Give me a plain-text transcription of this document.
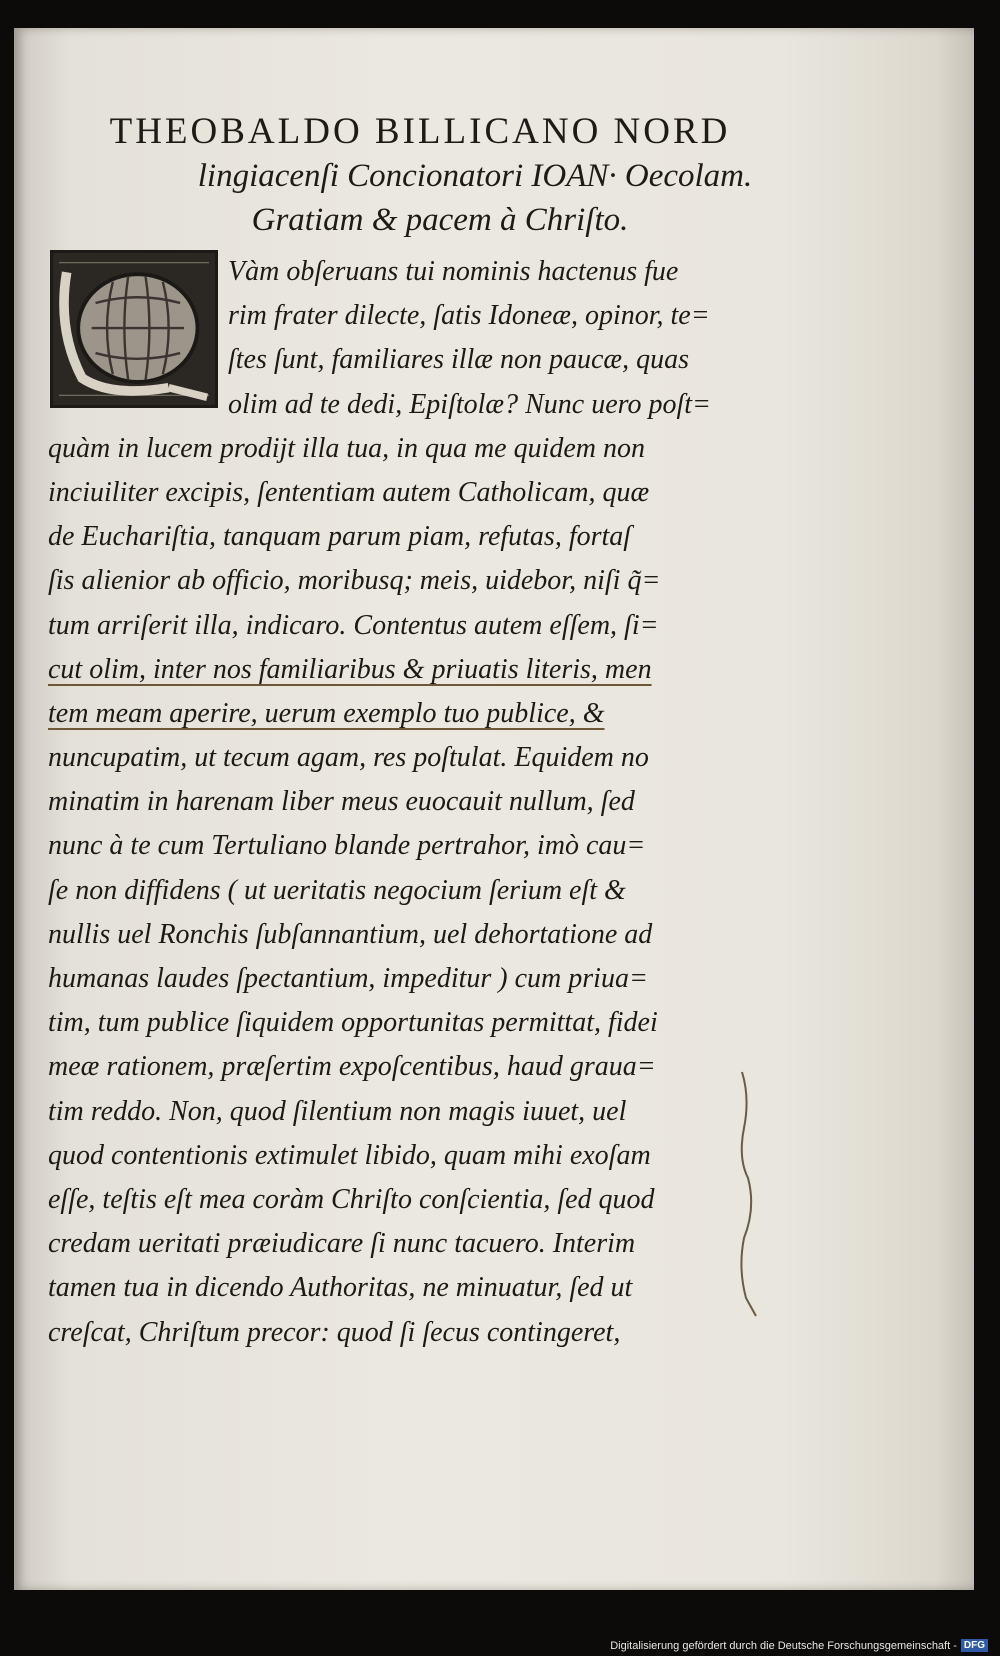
THEOBALDO BILLICANO NORD
lingiacenſi Concionatori IOAN· Oecolam.
Gratiam & pacem à Chriſto.
Vàm obſeruans tui nominis hactenus fue
rim frater dilecte, ſatis Idoneæ, opinor, te=
ſtes ſunt, familiares illæ non paucæ, quas
olim ad te dedi, Epiſtolæ? Nunc uero poſt=
quàm in lucem prodijt illa tua, in qua me quidem non
inciuiliter excipis, ſententiam autem Catholicam, quæ
de Euchariſtia, tanquam parum piam, refutas, fortaſ
ſis alienior ab officio, moribusq; meis, uidebor, niſi q̃=
tum arriſerit illa, indicaro. Contentus autem eſſem, ſi=
cut olim, inter nos familiaribus & priuatis literis, men
tem meam aperire, uerum exemplo tuo publice, &
nuncupatim, ut tecum agam, res poſtulat. Equidem no
minatim in harenam liber meus euocauit nullum, ſed
nunc à te cum Tertuliano blande pertrahor, imò cau=
ſe non diffidens ( ut ueritatis negocium ſerium eſt &
nullis uel Ronchis ſubſannantium, uel dehortatione ad
humanas laudes ſpectantium, impeditur ) cum priua=
tim, tum publice ſiquidem opportunitas permittat, fidei
meæ rationem, præſertim expoſcentibus, haud graua=
tim reddo. Non, quod ſilentium non magis iuuet, uel
quod contentionis extimulet libido, quam mihi exoſam
eſſe, teſtis eſt mea coràm Chriſto conſcientia, ſed quod
credam ueritati præiudicare ſi nunc tacuero. Interim
tamen tua in dicendo Authoritas, ne minuatur, ſed ut
creſcat, Chriſtum precor: quod ſi ſecus contingeret,
Digitalisierung gefördert durch die Deutsche Forschungsgemeinschaft - DFG
